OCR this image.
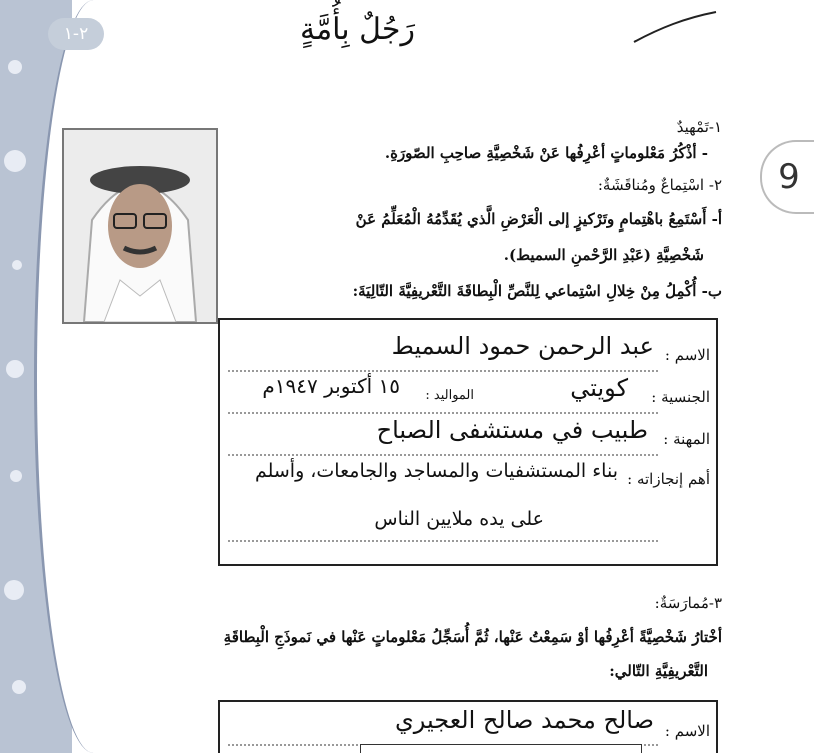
٢-١	رَجُلٌ بِأُمَّةٍ
9
١-تَمْهيدٌ
- أذْكُرُ مَعْلوماتٍ أعْرِفُها عَنْ شَخْصِيَّةِ صاحِبِ الصّورَةِ.
٢- اسْتِماعٌ ومُناقَشَةٌ:
أ- أَسْتَمِعُ باهْتِمامٍ وتَرْكيزٍ إلى الْعَرْضِ الَّذي يُقَدِّمُهُ الْمُعَلِّمُ عَنْ
شَخْصِيَّةِ (عَبْدِ الرَّحْمنِ السميط).
ب- أُكْمِلُ مِنْ خِلالِ اسْتِماعي لِلنَّصِّ الْبِطاقَةَ التَّعْريفِيَّةَ التّالِيَةَ:
الاسم :
عبد الرحمن حمود السميط
الجنسية :
كويتي
المواليد :
١٥ أكتوبر ١٩٤٧م
المهنة :
طبيب في مستشفى الصباح
أهم إنجازاته :
بناء المستشفيات والمساجد والجامعات، وأسلم
على يده ملايين الناس
٣-مُمارَسَةٌ:
أخْتارُ شَخْصِيَّةً أعْرِفُها أوْ سَمِعْتُ عَنْها، ثُمَّ أُسَجِّلُ مَعْلوماتٍ عَنْها في نَموذَجِ الْبِطاقَةِ
التَّعْريفِيَّةِ التّالي:
الاسم :
صالح محمد صالح العجيري
